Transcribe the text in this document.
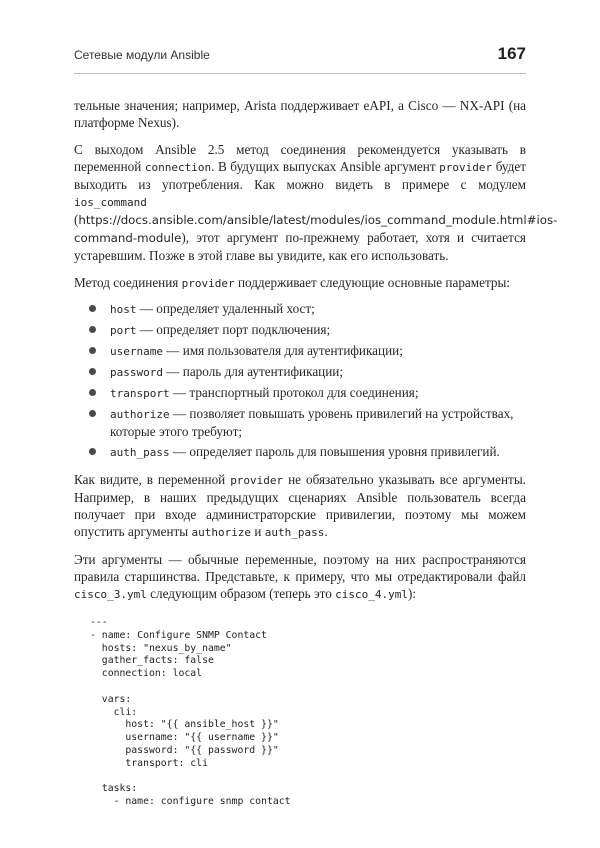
Сетевые модули Ansible	167

тельные значения; например, Arista поддерживает eAPI, а Cisco — NX-API (на платформе Nexus).

С выходом Ansible 2.5 метод соединения рекомендуется указывать в переменной connection. В будущих выпусках Ansible аргумент provider будет выходить из употребления. Как можно видеть в примере с модулем ios_command (https://docs.ansible.com/ansible/latest/modules/ios_command_module.html#ios-command-module), этот аргумент по-прежнему работает, хотя и считается устаревшим. Позже в этой главе вы увидите, как его использовать.

Метод соединения provider поддерживает следующие основные параметры:

host — определяет удаленный хост;
port — определяет порт подключения;
username — имя пользователя для аутентификации;
password — пароль для аутентификации;
transport — транспортный протокол для соединения;
authorize — позволяет повышать уровень привилегий на устройствах, которые этого требуют;
auth_pass — определяет пароль для повышения уровня привилегий.

Как видите, в переменной provider не обязательно указывать все аргументы. Например, в наших предыдущих сценариях Ansible пользователь всегда получает при входе администраторские привилегии, поэтому мы можем опустить аргументы authorize и auth_pass.

Эти аргументы — обычные переменные, поэтому на них распространяются правила старшинства. Представьте, к примеру, что мы отредактировали файл cisco_3.yml следующим образом (теперь это cisco_4.yml):

---
- name: Configure SNMP Contact
hosts: "nexus_by_name"
gather_facts: false
connection: local

vars:
cli:
host: "{{ ansible_host }}"
username: "{{ username }}"
password: "{{ password }}"
transport: cli

tasks:
- name: configure snmp contact
